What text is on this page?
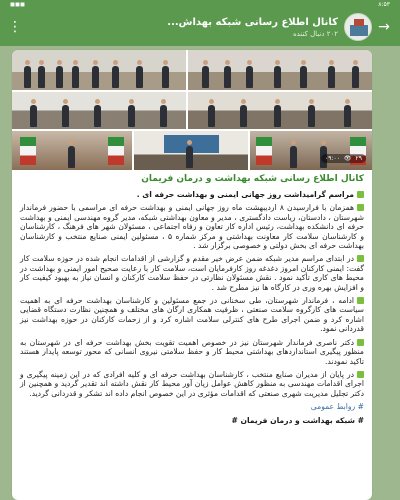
◼◼◼	۸:۵۳
→
کانال اطلاع رسانی شبکه بهداش...
۲۰۲ دنبال کننده
⋮
۲۹
👁
۰۹:۰۰
کانال اطلاع رسانی شبکه بهداشت و درمان فریمان

مراسم گرامیداشت روز جهانی ایمنی و بهداشت حرفه ای .

همزمان با فرارسیدن ۸ اردیبهشت ماه روز جهانی ایمنی و بهداشت حرفه ای مراسمی با حضور فرماندار شهرستان ، دادستان، ریاست دادگستری ، مدیر و معاون بهداشتی شبکه، مدیر گروه مهندسی ایمنی و بهداشت حرفه ای دانشکده بهداشت، رئیس اداره کار تعاون و رفاه اجتماعی ، مسئولان شهر های فرهنگ ، کارشناسان و کارشناسان سلامت کار معاونت بهداشتی و مرکز شماره ۵ ، مسئولین ایمنی صنایع منتخب و کارشناسان بهداشت حرفه ای بخش دولتی و خصوصی برگزار شد .

در ابتدای مراسم مدیر شبکه ضمن عرض خیر مقدم و گزارشی از اقدامات انجام شده در حوزه سلامت کار گفت: ایمنی کارکنان امروز دغدغه روز کارفرمایان است، سلامت کار با رعایت صحیح امور ایمنی و بهداشت در محیط های کاری تأکید نمود . نقش مسئولان نظارتی در حفظ سلامت کارکنان و انسان نیاز به بهبود کیفیت کار و افزایش بهره وری در کارگاه ها نیز مطرح شد .

ادامه ، فرماندار شهرستان، طی سخنانی در جمع مسئولین و کارشناسان بهداشت حرفه ای به اهمیت سیاست های کارگروه سلامت صنعتی ، ظرفیت همکاری ارگان های مختلف و همچنین نظارت دستگاه قضایی اشاره کرد و ضمن اجرای طرح های کنترلی سلامت اشاره کرد و از زحمات کارکنان در حوزه بهداشت نیز قدردانی نمود.

دکتر ناصری فرماندار شهرستان نیز در خصوص اهمیت تقویت بخش بهداشت حرفه ای در شهرستان به منظور پیگیری استانداردهای بهداشتی محیط کار و حفظ سلامتی نیروی انسانی که محور توسعه پایدار هستند تاکید نمودند.

در پایان از مدیران صنایع منتخب ، کارشناسان بهداشت حرفه ای و کلیه افرادی که در این زمینه پیگیری و اجرای اقدامات مهندسی به منظور کاهش عوامل زیان آور محیط کار نقش داشته اند تقدیر گردید و همچنین از دکتر تجلیل مدیریت شهری صنعتی که اقدامات مؤثری در این خصوص انجام داده اند تشکر و قدردانی گردید.

# روابط عمومی

# شبکه بهداشت و درمان فریمان #
